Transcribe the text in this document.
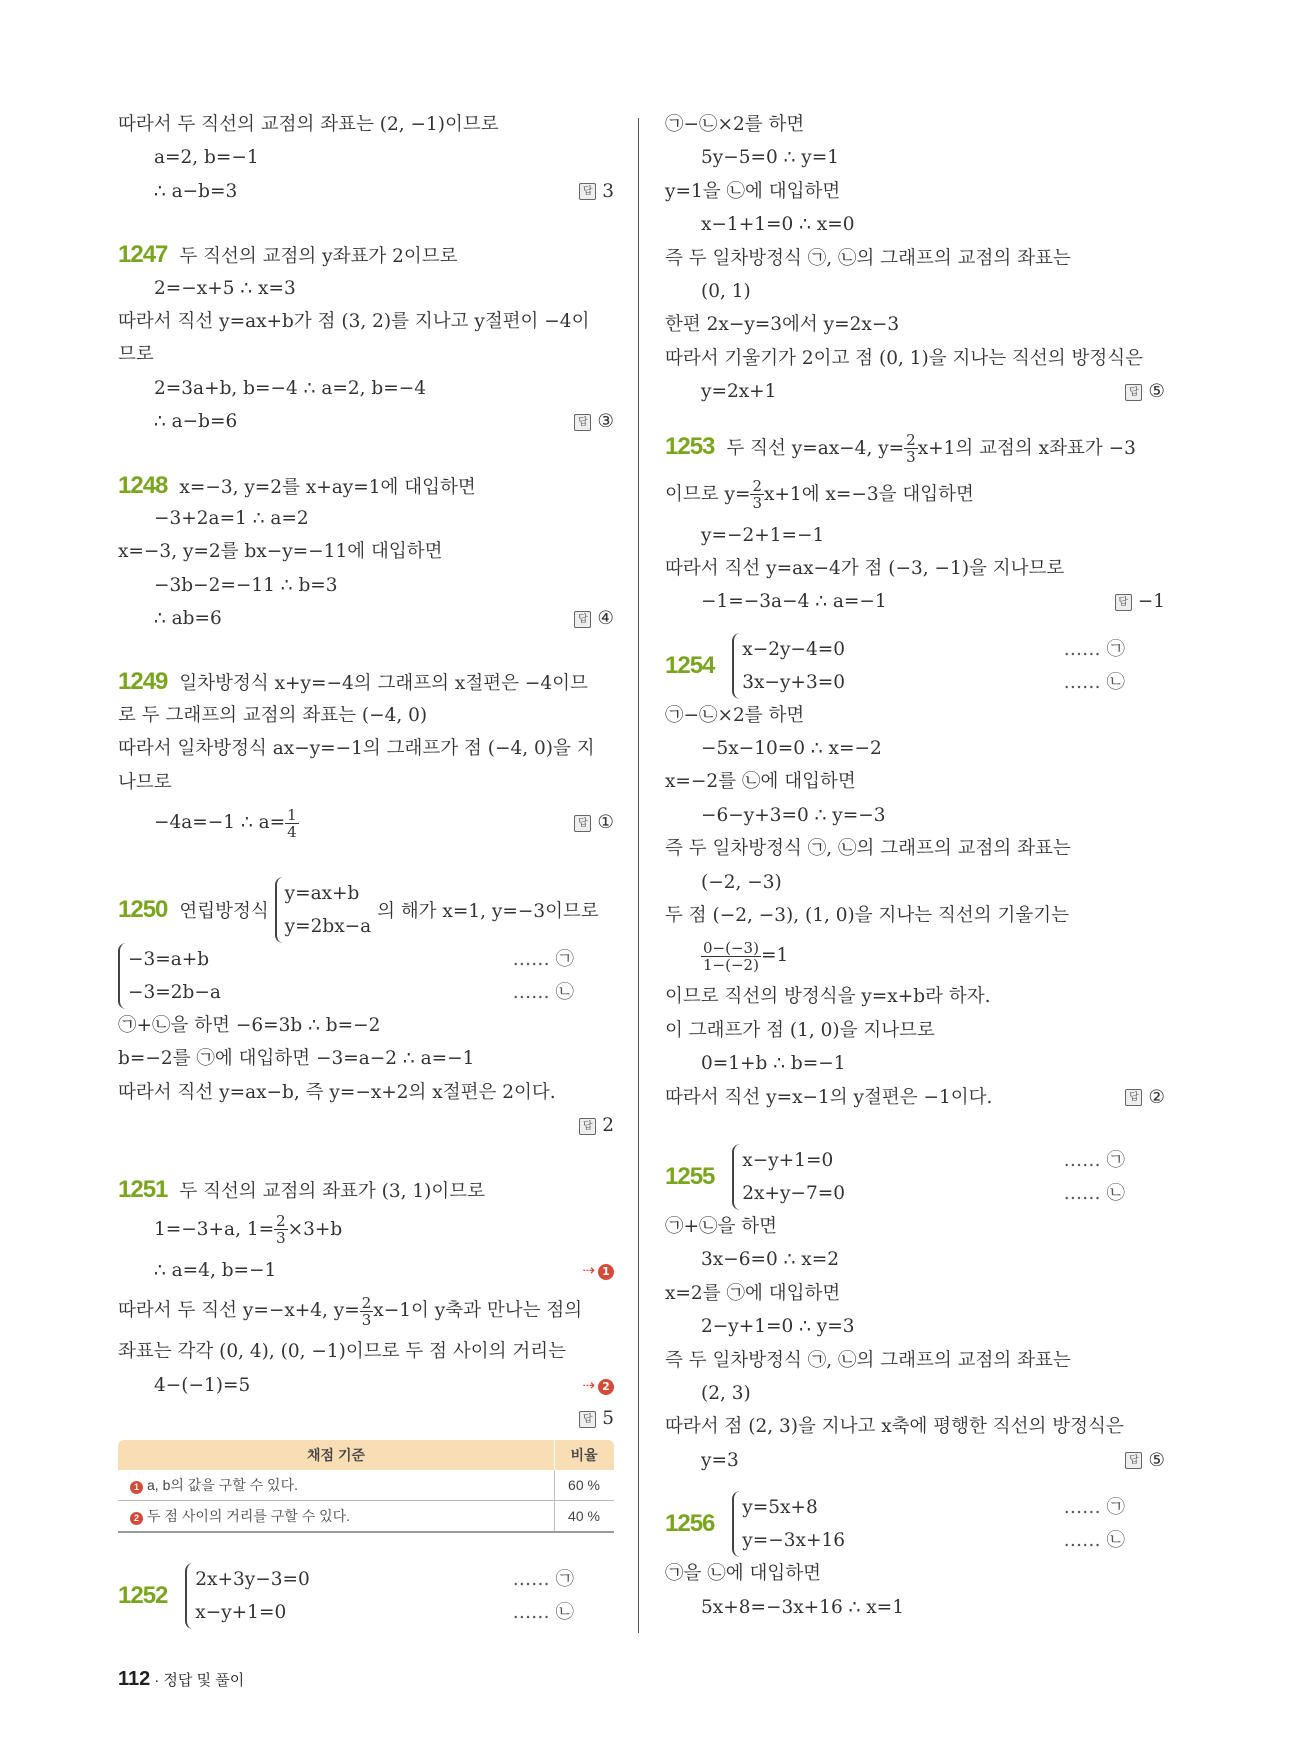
따라서 두 직선의 교점의 좌표는 (2, −1)이므로
a=2, b=−1
∴ a−b=3	답 3
1247 두 직선의 교점의 y좌표가 2이므로
2=−x+5 ∴ x=3
따라서 직선 y=ax+b가 점 (3, 2)를 지나고 y절편이 −4이
므로
2=3a+b, b=−4 ∴ a=2, b=−4
∴ a−b=6	답 ③
1248 x=−3, y=2를 x+ay=1에 대입하면
−3+2a=1 ∴ a=2
x=−3, y=2를 bx−y=−11에 대입하면
−3b−2=−11 ∴ b=3
∴ ab=6	답 ④
1249 일차방정식 x+y=−4의 그래프의 x절편은 −4이므
로 두 그래프의 교점의 좌표는 (−4, 0)
따라서 일차방정식 ax−y=−1의 그래프가 점 (−4, 0)을 지
나므로
−4a=−1 ∴ $a= \frac{1}{4}$	답 ①
1250 연립방정식
y=ax+b
y=2bx−a
의 해가 x=1, y=−3이므로
−3=a+b
−3=2b−a
…… ㉠
…… ㉡
㉠+㉡을 하면 −6=3b ∴ b=−2
b=−2를 ㉠에 대입하면 −3=a−2 ∴ a=−1
따라서 직선 y=ax−b, 즉 y=−x+2의 x절편은 2이다.
답 2
1251 두 직선의 교점의 좌표가 (3, 1)이므로
1=−3+a, $1= \frac{2}{3} \times 3+b$
∴ a=4, b=−1	⇢ 1
따라서 두 직선 y=−x+4, $y= \frac{2}{3} x-1$이 y축과 만나는 점의
좌표는 각각 (0, 4), (0, −1)이므로 두 점 사이의 거리는
4−(−1)=5	⇢ 2
답 5
채점 기준	비율
1 a, b의 값을 구할 수 있다.	60 %
2 두 점 사이의 거리를 구할 수 있다.	40 %
1252
2x+3y−3=0
x−y+1=0
…… ㉠
…… ㉡
㉠−㉡×2를 하면
5y−5=0 ∴ y=1
y=1을 ㉡에 대입하면
x−1+1=0 ∴ x=0
즉 두 일차방정식 ㉠, ㉡의 그래프의 교점의 좌표는
(0, 1)
한편 2x−y=3에서 y=2x−3
따라서 기울기가 2이고 점 (0, 1)을 지나는 직선의 방정식은
y=2x+1	답 ⑤
1253 두 직선 y=ax−4, $y= \frac{2}{3} x+1$의 교점의 x좌표가 −3
이므로 $y= \frac{2}{3} x+1$에 x=−3을 대입하면
y=−2+1=−1
따라서 직선 y=ax−4가 점 (−3, −1)을 지나므로
−1=−3a−4 ∴ a=−1	답 −1
1254
x−2y−4=0
3x−y+3=0
…… ㉠
…… ㉡
㉠−㉡×2를 하면
−5x−10=0 ∴ x=−2
x=−2를 ㉡에 대입하면
−6−y+3=0 ∴ y=−3
즉 두 일차방정식 ㉠, ㉡의 그래프의 교점의 좌표는
(−2, −3)
두 점 (−2, −3), (1, 0)을 지나는 직선의 기울기는
$\frac{0-(-3)}{1-(-2)} =1$
이므로 직선의 방정식을 y=x+b라 하자.
이 그래프가 점 (1, 0)을 지나므로
0=1+b ∴ b=−1
따라서 직선 y=x−1의 y절편은 −1이다.	답 ②
1255
x−y+1=0
2x+y−7=0
…… ㉠
…… ㉡
㉠+㉡을 하면
3x−6=0 ∴ x=2
x=2를 ㉠에 대입하면
2−y+1=0 ∴ y=3
즉 두 일차방정식 ㉠, ㉡의 그래프의 교점의 좌표는
(2, 3)
따라서 점 (2, 3)을 지나고 x축에 평행한 직선의 방정식은
y=3	답 ⑤
1256
y=5x+8
y=−3x+16
…… ㉠
…… ㉡
㉠을 ㉡에 대입하면
5x+8=−3x+16 ∴ x=1
112 · 정답 및 풀이
